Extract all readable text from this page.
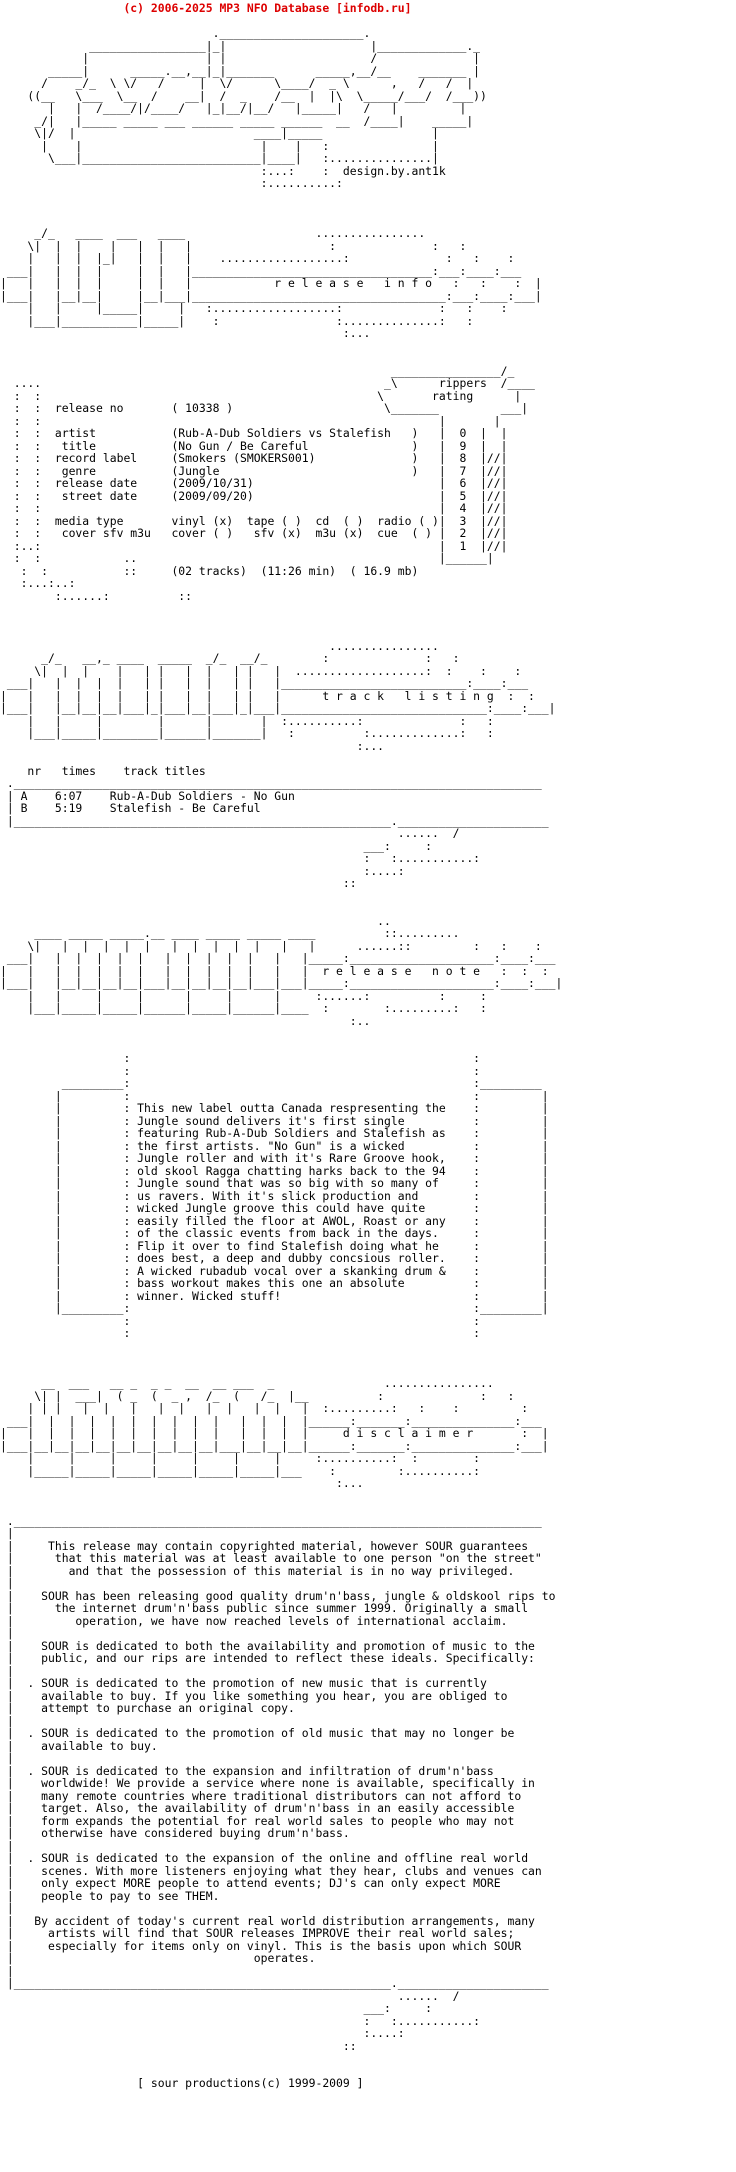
(c) 2006-2025 MP3 NFO Database [infodb.ru]
._____________________.
_________________|_|                     |_____________._
|                 | |                     /              |
_____|      _____.__,__|_|_______      _____,__/__    _______ |
/    _/_  \ \/   /     |  \/      \____/  _ \      ,   /   /  |
((__   \___  \__  /    __|  /  _    /__  |  |\  \_____/___/  /___))
|   |  /____/|/____/   |_|__/|__/   |_____|   /   |         |
_/|   |_____ _____ ___ ______ _____ ______  __  /____|    _____|
\|/  |                          ____|_____                |
|    |                          |    |   :               |
\___|__________________________|____|   :...............|
:...:    :  design.by.ant1k
:..........:
_/_   ____  ___   ____                   ................
\|  |  |    |   |  |   |                    :              :   :
|   |  |  |_|   |  |   |    ..................:              :   :    :
___|   |  |  |     |  |   |___________________________________:___:____:___
|   |   |  |  |     |  |   |            r e l e a s e   i n f o   :   :    :  |
|___|   |__|__|     |__|___|_____________________________________:___:____:___|
|   |     |_____|     |   :..................:              :   :    :
|___|___________|_____|    :                 :..............:   :
:...
________________/_
....                                                  _\      rippers  /____
:  :                                                 \       rating      |
:  :  release no       ( 10338 )                      \_______         ___|
:  :                                                          |       |
:  :  artist           (Rub-A-Dub Soldiers vs Stalefish   )   |  0  |  |
:  :   title           (No Gun / Be Careful               )   |  9  |  |
:  :  record label     (Smokers (SMOKERS001)              )   |  8  |//|
:  :   genre           (Jungle                            )   |  7  |//|
:  :  release date     (2009/10/31)                           |  6  |//|
:  :   street date     (2009/09/20)                           |  5  |//|
:  :                                                          |  4  |//|
:  :  media type       vinyl (x)  tape ( )  cd  ( )  radio ( )|  3  |//|
:  :   cover sfv m3u   cover ( )   sfv (x)  m3u (x)  cue  ( ) |  2  |//|
:..:                                                          |  1  |//|
:  :            ..                                            |______|
:  :           ::     (02 tracks)  (11:26 min)  ( 16.9 mb)
:...:..:
:......:          ::
................
_/_   __,_ ____  _____  _/_  __/_        :              :   :
\|  |  |    |   | |   |  |   | |   |  ...................:  :    :    :
___|   |  |  |  |   | |   |  |   | |   |___________________________:____:___
|   |   |  |  |  |   | |   |  |   | |   |      t r a c k   l i s t i n g  :  :
|___|   |__|__|__|___|_|___|__|___|_|___|______________________________:____:___|
|   |     |        |      |       |  :..........:              :   :
|___|_____|________|______|_______|   :          :.............:   :
:...
nr   times    track titles
._____________________________________________________________________________
| A    6:07    Rub-A-Dub Soldiers - No Gun
| B    5:19    Stalefish - Be Careful
|_______________________________________________________.______________________
......  /
___:     :
:   :...........:
:....:
::
..
____ _____ _____.__ ____ _____ _____ ____          ::.........
\|   |  |  |  |  |   |  |  |  |  |   |   |      ......::         :   :    :
___|   |  |  |  |  |   |  |  |  |  |   |   |_____:_____________________:____:___
|   |   |  |  |  |  |   |  |  |  |  |   |   |  r e l e a s e   n o t e   :  :  :
|___|   |__|__|__|__|___|__|__|__|__|___|___|_____:_____________________:____:___|
|   |     |     |      |     |      |     :......:          :     :
|___|_____|_____|______|_____|______|____  :        :.........:   :
:..
:                                                  :
:                                                  :
_________:                                                  :_________
|         :                                                  :         |
|         : This new label outta Canada respresenting the    :         |
|         : Jungle sound delivers it's first single          :         |
|         : featuring Rub-A-Dub Soldiers and Stalefish as    :         |
|         : the first artists. "No Gun" is a wicked          :         |
|         : Jungle roller and with it's Rare Groove hook,    :         |
|         : old skool Ragga chatting harks back to the 94    :         |
|         : Jungle sound that was so big with so many of     :         |
|         : us ravers. With it's slick production and        :         |
|         : wicked Jungle groove this could have quite       :         |
|         : easily filled the floor at AWOL, Roast or any    :         |
|         : of the classic events from back in the days.     :         |
|         : Flip it over to find Stalefish doing what he     :         |
|         : does best, a deep and dubby concsious roller.    :         |
|         : A wicked rubadub vocal over a skanking drum &    :         |
|         : bass workout makes this one an absolute          :         |
|         : winner. Wicked stuff!                            :         |
|_________:                                                  :_________|
:                                                  :
:                                                  :
__  ___   __ _  _ _  __  __ ___  _                ................
\| |  ___|  ( _  (  _ ,  /_  (   /_  |__          :              :   :
| | |   |  |   |   |  |   |  |   |  |   |  :.........:   :    :         :
___|  |  |  |  |  |  |  |  |  |   |  |  |  |______:_______:_______________:___
|   |  |  |  |  |  |  |  |  |  |   |  |  |  |     d i s c l a i m e r       :  |
|___|__|__|__|__|__|__|__|__|__|___|__|__|__|______:_______:_______________:___|
|     |     |     |     |     |     |     :..........:  :        :
|_____|_____|_____|_____|_____|_____|___    :         :..........:
:...
._____________________________________________________________________________
|
|     This release may contain copyrighted material, however SOUR guarantees
|      that this material was at least available to one person "on the street"
|        and that the possession of this material is in no way privileged.
|
|    SOUR has been releasing good quality drum'n'bass, jungle & oldskool rips to
|      the internet drum'n'bass public since summer 1999. Originally a small
|         operation, we have now reached levels of international acclaim.
|
|    SOUR is dedicated to both the availability and promotion of music to the
|    public, and our rips are intended to reflect these ideals. Specifically:
|
|  . SOUR is dedicated to the promotion of new music that is currently
|    available to buy. If you like something you hear, you are obliged to
|    attempt to purchase an original copy.
|
|  . SOUR is dedicated to the promotion of old music that may no longer be
|    available to buy.
|
|  . SOUR is dedicated to the expansion and infiltration of drum'n'bass
|    worldwide! We provide a service where none is available, specifically in
|    many remote countries where traditional distributors can not afford to
|    target. Also, the availability of drum'n'bass in an easily accessible
|    form expands the potential for real world sales to people who may not
|    otherwise have considered buying drum'n'bass.
|
|  . SOUR is dedicated to the expansion of the online and offline real world
|    scenes. With more listeners enjoying what they hear, clubs and venues can
|    only expect MORE people to attend events; DJ's can only expect MORE
|    people to pay to see THEM.
|
|   By accident of today's current real world distribution arrangements, many
|     artists will find that SOUR releases IMPROVE their real world sales;
|     especially for items only on vinyl. This is the basis upon which SOUR
|                                   operates.
|
|_______________________________________________________.______________________
......  /
___:     :
:   :...........:
:....:
::
[ sour productions(c) 1999-2009 ]
